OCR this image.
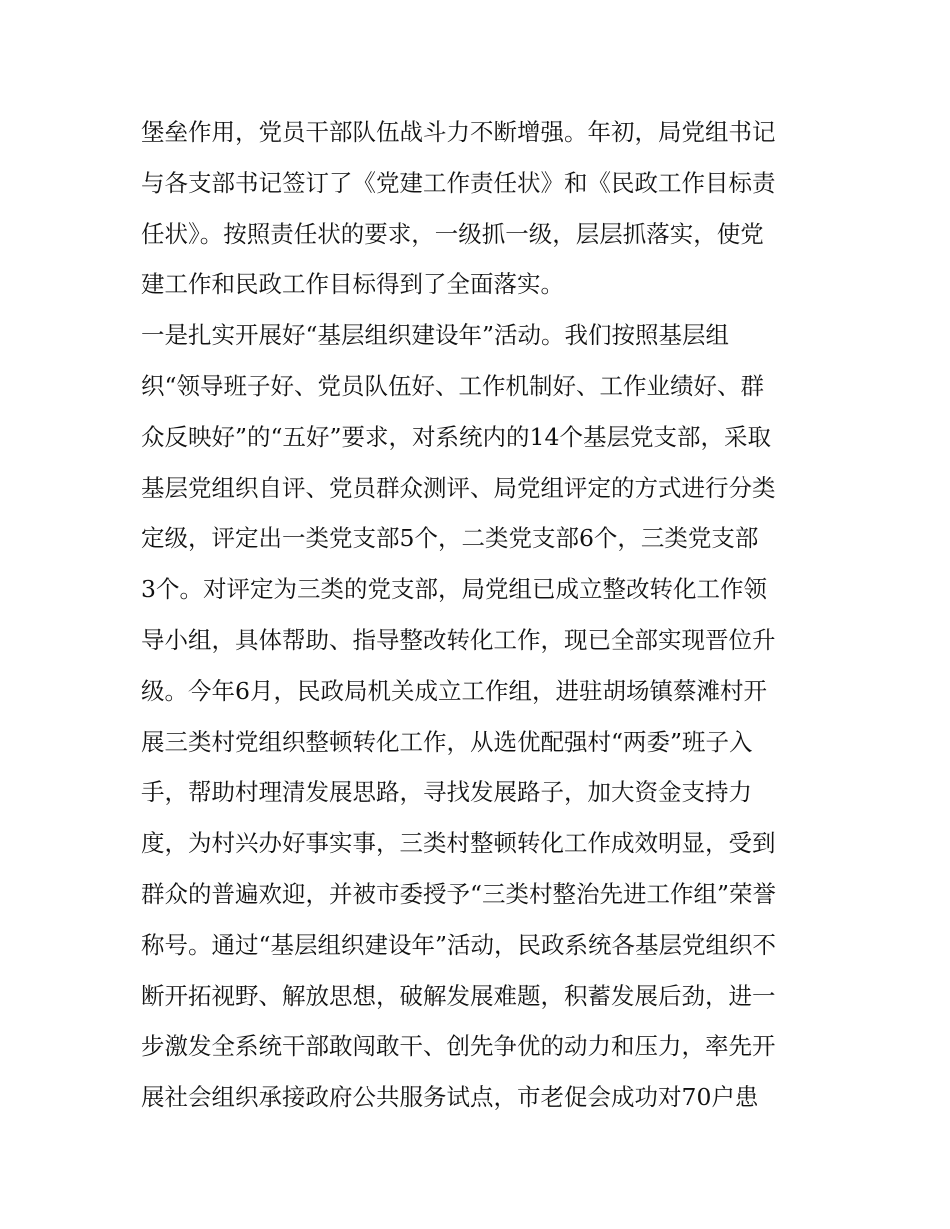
堡垒作用，党员干部队伍战斗力不断增强。年初，局党组书记
与各支部书记签订了《党建工作责任状》和《民政工作目标责
任状》。按照责任状的要求，一级抓一级，层层抓落实，使党
建工作和民政工作目标得到了全面落实。
一是扎实开展好“基层组织建设年”活动。我们按照基层组
织“领导班子好、党员队伍好、工作机制好、工作业绩好、群
众反映好”的“五好”要求，对系统内的14个基层党支部，采取
基层党组织自评、党员群众测评、局党组评定的方式进行分类
定级，评定出一类党支部5个，二类党支部6个，三类党支部
3个。对评定为三类的党支部，局党组已成立整改转化工作领
导小组，具体帮助、指导整改转化工作，现已全部实现晋位升
级。今年6月，民政局机关成立工作组，进驻胡场镇蔡滩村开
展三类村党组织整顿转化工作，从选优配强村“两委”班子入
手，帮助村理清发展思路，寻找发展路子，加大资金支持力
度，为村兴办好事实事，三类村整顿转化工作成效明显，受到
群众的普遍欢迎，并被市委授予“三类村整治先进工作组”荣誉
称号。通过“基层组织建设年”活动，民政系统各基层党组织不
断开拓视野、解放思想，破解发展难题，积蓄发展后劲，进一
步激发全系统干部敢闯敢干、创先争优的动力和压力，率先开
展社会组织承接政府公共服务试点，市老促会成功对70户患
